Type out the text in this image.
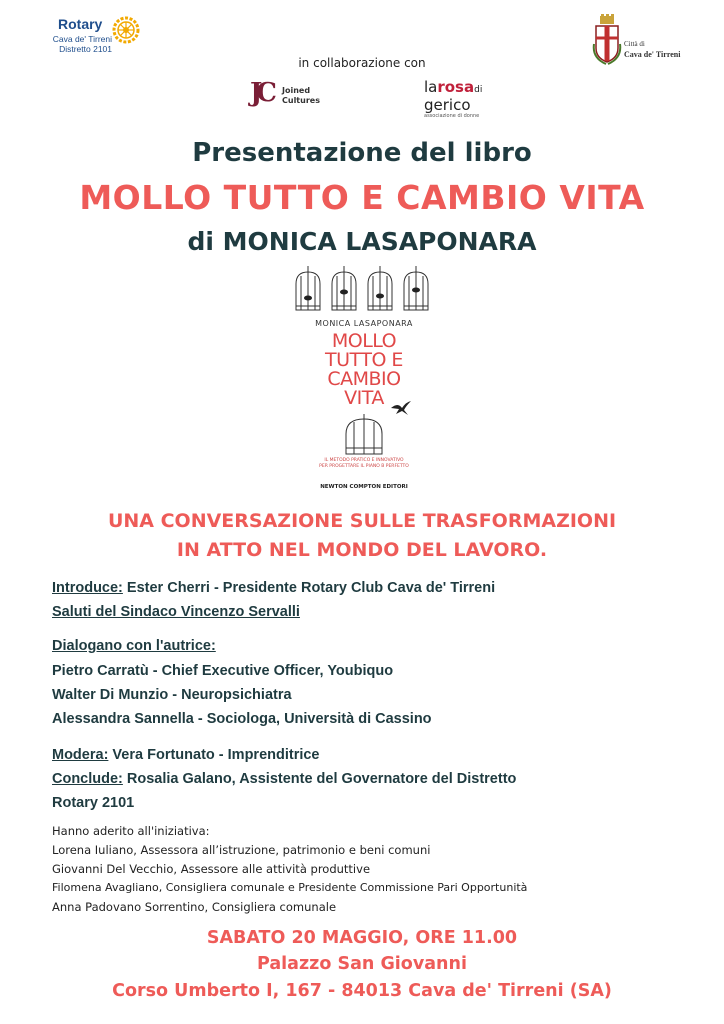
Rotary
Cava de' Tirreni
Distretto 2101	Città di
Cava de' Tirreni
in collaborazione con
JC Joined
Cultures
larosadi
gerico
associazione di donne
Presentazione del libro
MOLLO TUTTO E CAMBIO VITA
di MONICA LASAPONARA
MONICA LASAPONARA
MOLLO
TUTTO E
CAMBIO
VITA
IL METODO PRATICO E INNOVATIVO
PER PROGETTARE IL PIANO B PERFETTO
NEWTON COMPTON EDITORI
UNA CONVERSAZIONE SULLE TRASFORMAZIONI
IN ATTO NEL MONDO DEL LAVORO.
Introduce: Ester Cherri - Presidente Rotary Club Cava de' Tirreni
Saluti del Sindaco Vincenzo Servalli
Dialogano con l'autrice:
Pietro Carratù - Chief Executive Officer, Youbiquo
Walter Di Munzio - Neuropsichiatra
Alessandra Sannella - Sociologa, Università di Cassino
Modera: Vera Fortunato - Imprenditrice
Conclude: Rosalia Galano, Assistente del Governatore del Distretto
Rotary 2101
Hanno aderito all'iniziativa:
Lorena Iuliano, Assessora all’istruzione, patrimonio e beni comuni
Giovanni Del Vecchio, Assessore alle attività produttive
Filomena Avagliano, Consigliera comunale e Presidente Commissione Pari Opportunità
Anna Padovano Sorrentino, Consigliera comunale
SABATO 20 MAGGIO, ORE 11.00
Palazzo San Giovanni
Corso Umberto I, 167 - 84013 Cava de' Tirreni (SA)
